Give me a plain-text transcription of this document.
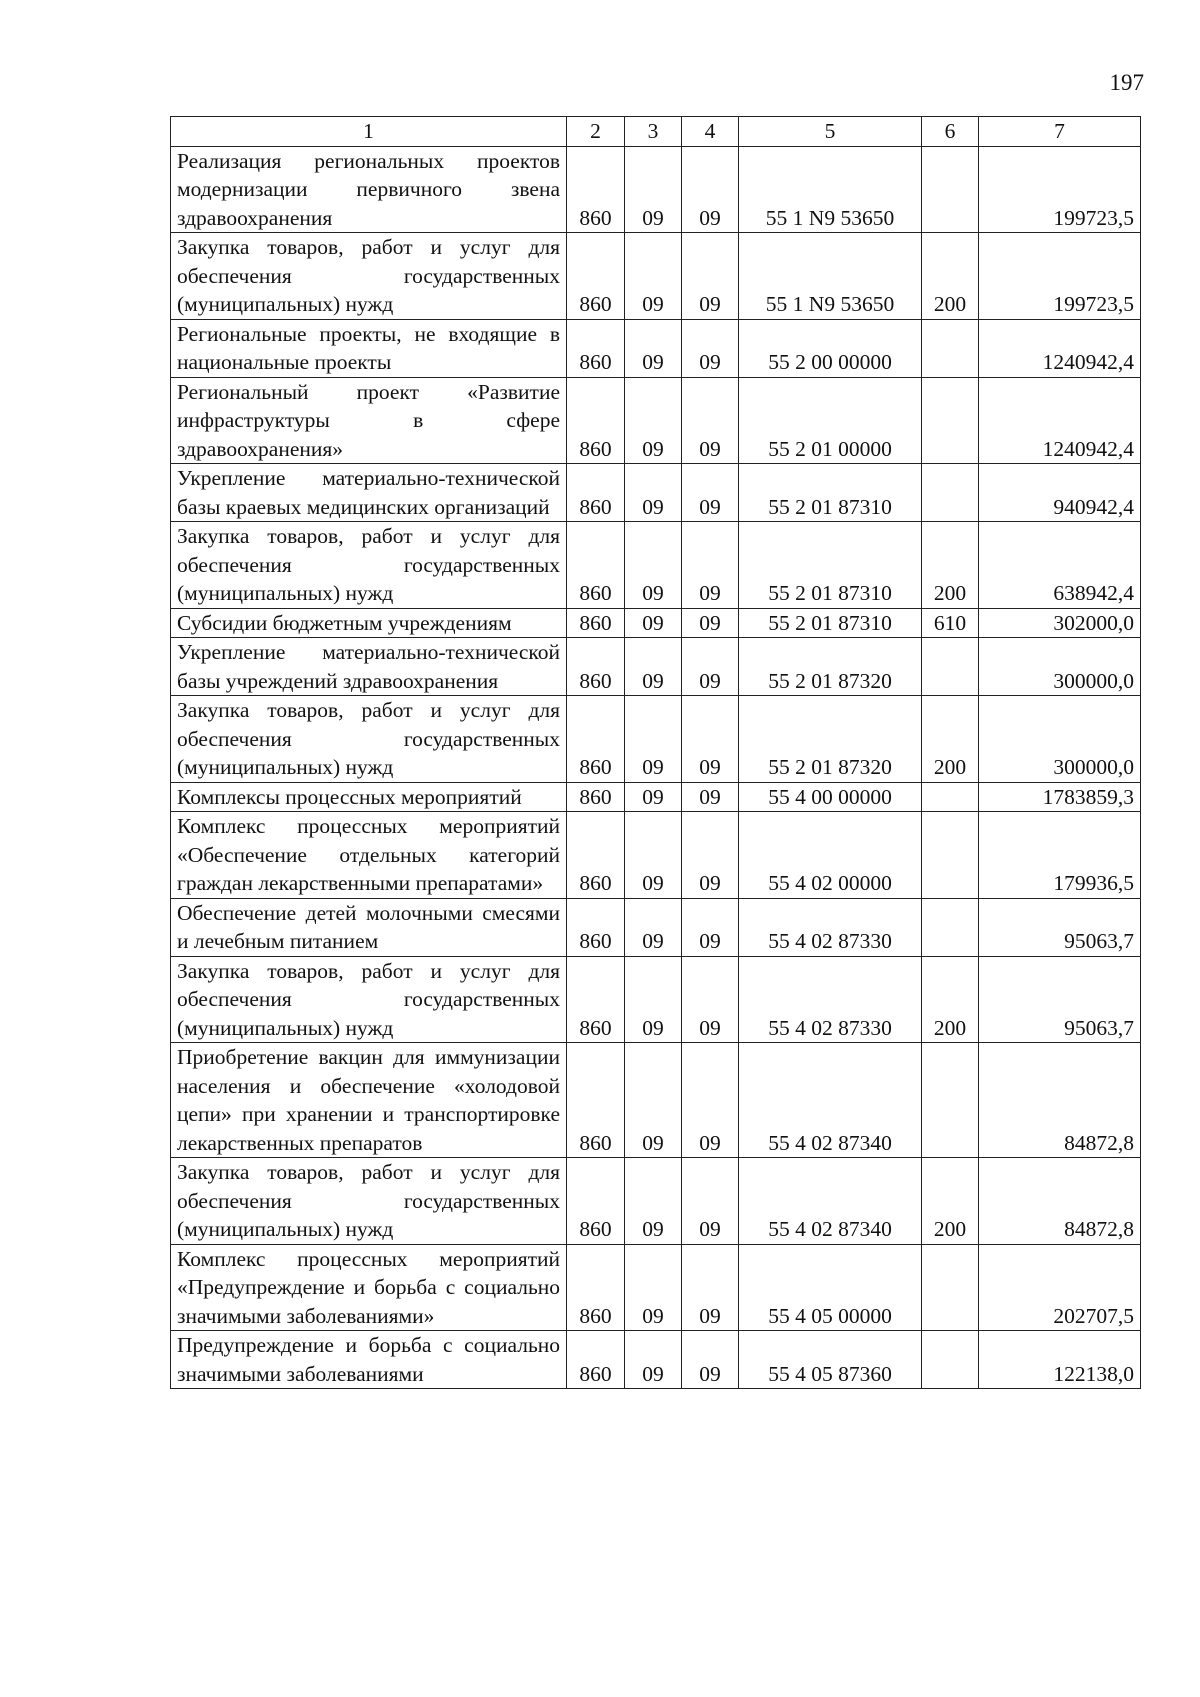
197
1	2	3	4	5	6	7
Реализация региональных проектов модернизации первичного звена здравоохранения	860	09	09	55 1 N9 53650		199723,5
Закупка товаров, работ и услуг для обеспечения государственных (муниципальных) нужд	860	09	09	55 1 N9 53650	200	199723,5
Региональные проекты, не входящие в национальные проекты	860	09	09	55 2 00 00000		1240942,4
Региональный проект «Развитие инфраструктуры в сфере здравоохранения»	860	09	09	55 2 01 00000		1240942,4
Укрепление материально-технической базы краевых медицинских организаций	860	09	09	55 2 01 87310		940942,4
Закупка товаров, работ и услуг для обеспечения государственных (муниципальных) нужд	860	09	09	55 2 01 87310	200	638942,4
Субсидии бюджетным учреждениям	860	09	09	55 2 01 87310	610	302000,0
Укрепление материально-технической базы учреждений здравоохранения	860	09	09	55 2 01 87320		300000,0
Закупка товаров, работ и услуг для обеспечения государственных (муниципальных) нужд	860	09	09	55 2 01 87320	200	300000,0
Комплексы процессных мероприятий	860	09	09	55 4 00 00000		1783859,3
Комплекс процессных мероприятий «Обеспечение отдельных категорий граждан лекарственными препаратами»	860	09	09	55 4 02 00000		179936,5
Обеспечение детей молочными смесями и лечебным питанием	860	09	09	55 4 02 87330		95063,7
Закупка товаров, работ и услуг для обеспечения государственных (муниципальных) нужд	860	09	09	55 4 02 87330	200	95063,7
Приобретение вакцин для иммунизации населения и обеспечение «холодовой цепи» при хранении и транспортировке лекарственных препаратов	860	09	09	55 4 02 87340		84872,8
Закупка товаров, работ и услуг для обеспечения государственных (муниципальных) нужд	860	09	09	55 4 02 87340	200	84872,8
Комплекс процессных мероприятий «Предупреждение и борьба с социально значимыми заболеваниями»	860	09	09	55 4 05 00000		202707,5
Предупреждение и борьба с социально значимыми заболеваниями	860	09	09	55 4 05 87360		122138,0
